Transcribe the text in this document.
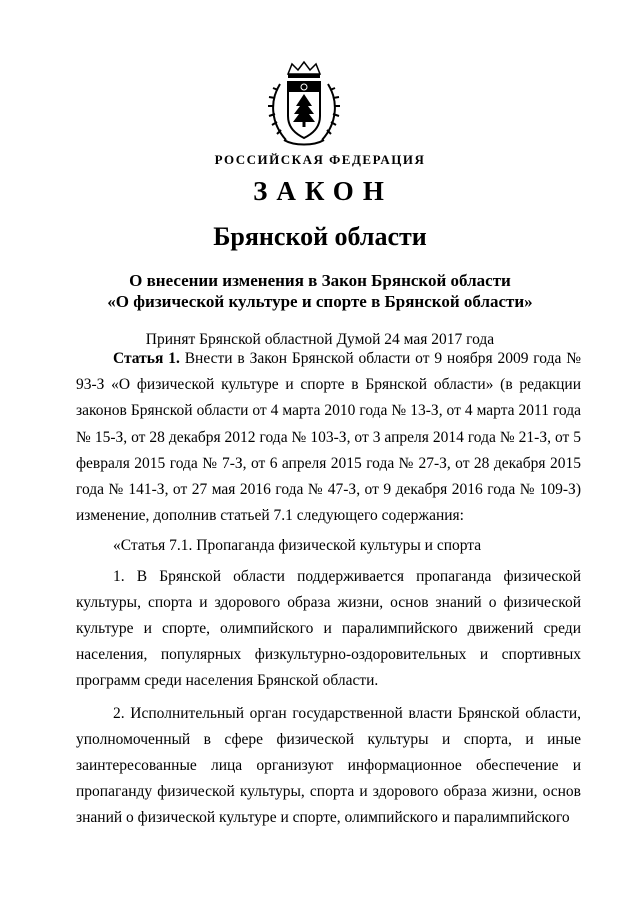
РОССИЙСКАЯ ФЕДЕРАЦИЯ
ЗАКОН
Брянской области
О внесении изменения в Закон Брянской области
«О физической культуре и спорте в Брянской области»
Принят Брянской областной Думой 24 мая 2017 года

Статья 1. Внести в Закон Брянской области от 9 ноября 2009 года № 93-З «О физической культуре и спорте в Брянской области» (в редакции законов Брянской области от 4 марта 2010 года № 13-З, от 4 марта 2011 года № 15-З, от 28 декабря 2012 года № 103-З, от 3 апреля 2014 года № 21-З, от 5 февраля 2015 года № 7-З, от 6 апреля 2015 года № 27-З, от 28 декабря 2015 года № 141-З, от 27 мая 2016 года № 47-З, от 9 декабря 2016 года № 109-З) изменение, дополнив статьей 7.1 следующего содержания:

«Статья 7.1. Пропаганда физической культуры и спорта

1. В Брянской области поддерживается пропаганда физической культуры, спорта и здорового образа жизни, основ знаний о физической культуре и спорте, олимпийского и паралимпийского движений среди населения, популярных физкультурно-оздоровительных и спортивных программ среди населения Брянской области.

2. Исполнительный орган государственной власти Брянской области, уполномоченный в сфере физической культуры и спорта, и иные заинтересованные лица организуют информационное обеспечение и пропаганду физической культуры, спорта и здорового образа жизни, основ знаний о физической культуре и спорте, олимпийского и паралимпийского
